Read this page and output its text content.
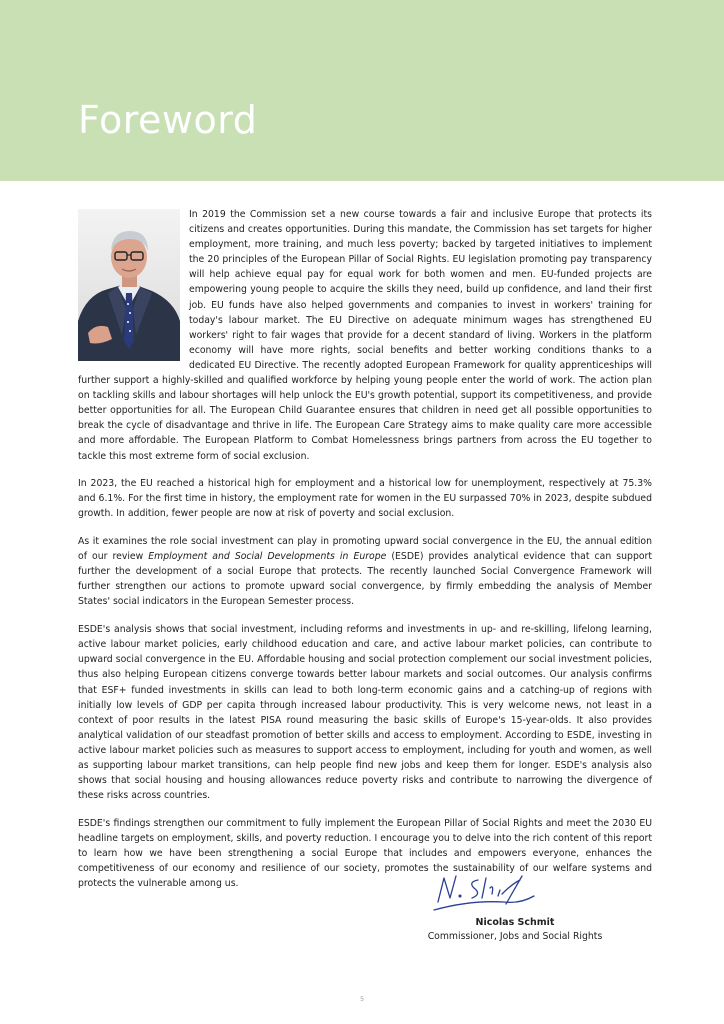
Foreword

In 2019 the Commission set a new course towards a fair and inclusive Europe that protects its citizens and creates opportunities. During this mandate, the Commission has set targets for higher employment, more training, and much less poverty; backed by targeted initiatives to implement the 20 principles of the European Pillar of Social Rights. EU legislation promoting pay transparency will help achieve equal pay for equal work for both women and men. EU-funded projects are empowering young people to acquire the skills they need, build up confidence, and land their first job. EU funds have also helped governments and companies to invest in workers' training for today's labour market. The EU Directive on adequate minimum wages has strengthened EU workers' right to fair wages that provide for a decent standard of living. Workers in the platform economy will have more rights, social benefits and better working conditions thanks to a dedicated EU Directive. The recently adopted European Framework for quality apprenticeships will further support a highly-skilled and qualified workforce by helping young people enter the world of work. The action plan on tackling skills and labour shortages will help unlock the EU's growth potential, support its competitiveness, and provide better opportunities for all. The European Child Guarantee ensures that children in need get all possible opportunities to break the cycle of disadvantage and thrive in life. The European Care Strategy aims to make quality care more accessible and more affordable. The European Platform to Combat Homelessness brings partners from across the EU together to tackle this most extreme form of social exclusion.

In 2023, the EU reached a historical high for employment and a historical low for unemployment, respectively at 75.3% and 6.1%. For the first time in history, the employment rate for women in the EU surpassed 70% in 2023, despite subdued growth. In addition, fewer people are now at risk of poverty and social exclusion.

As it examines the role social investment can play in promoting upward social convergence in the EU, the annual edition of our review Employment and Social Developments in Europe (ESDE) provides analytical evidence that can support further the development of a social Europe that protects. The recently launched Social Convergence Framework will further strengthen our actions to promote upward social convergence, by firmly embedding the analysis of Member States' social indicators in the European Semester process.

ESDE's analysis shows that social investment, including reforms and investments in up- and re-skilling, lifelong learning, active labour market policies, early childhood education and care, and active labour market policies, can contribute to upward social convergence in the EU. Affordable housing and social protection complement our social investment policies, thus also helping European citizens converge towards better labour markets and social outcomes. Our analysis confirms that ESF+ funded investments in skills can lead to both long-term economic gains and a catching-up of regions with initially low levels of GDP per capita through increased labour productivity. This is very welcome news, not least in a context of poor results in the latest PISA round measuring the basic skills of Europe's 15-year-olds. It also provides analytical validation of our steadfast promotion of better skills and access to employment. According to ESDE, investing in active labour market policies such as measures to support access to employment, including for youth and women, as well as supporting labour market transitions, can help people find new jobs and keep them for longer. ESDE's analysis also shows that social housing and housing allowances reduce poverty risks and contribute to narrowing the divergence of these risks across countries.

ESDE's findings strengthen our commitment to fully implement the European Pillar of Social Rights and meet the 2030 EU headline targets on employment, skills, and poverty reduction. I encourage you to delve into the rich content of this report to learn how we have been strengthening a social Europe that includes and empowers everyone, enhances the competitiveness of our economy and resilience of our society, promotes the sustainability of our welfare systems and protects the vulnerable among us.

Nicolas Schmit
Commissioner, Jobs and Social Rights
5
